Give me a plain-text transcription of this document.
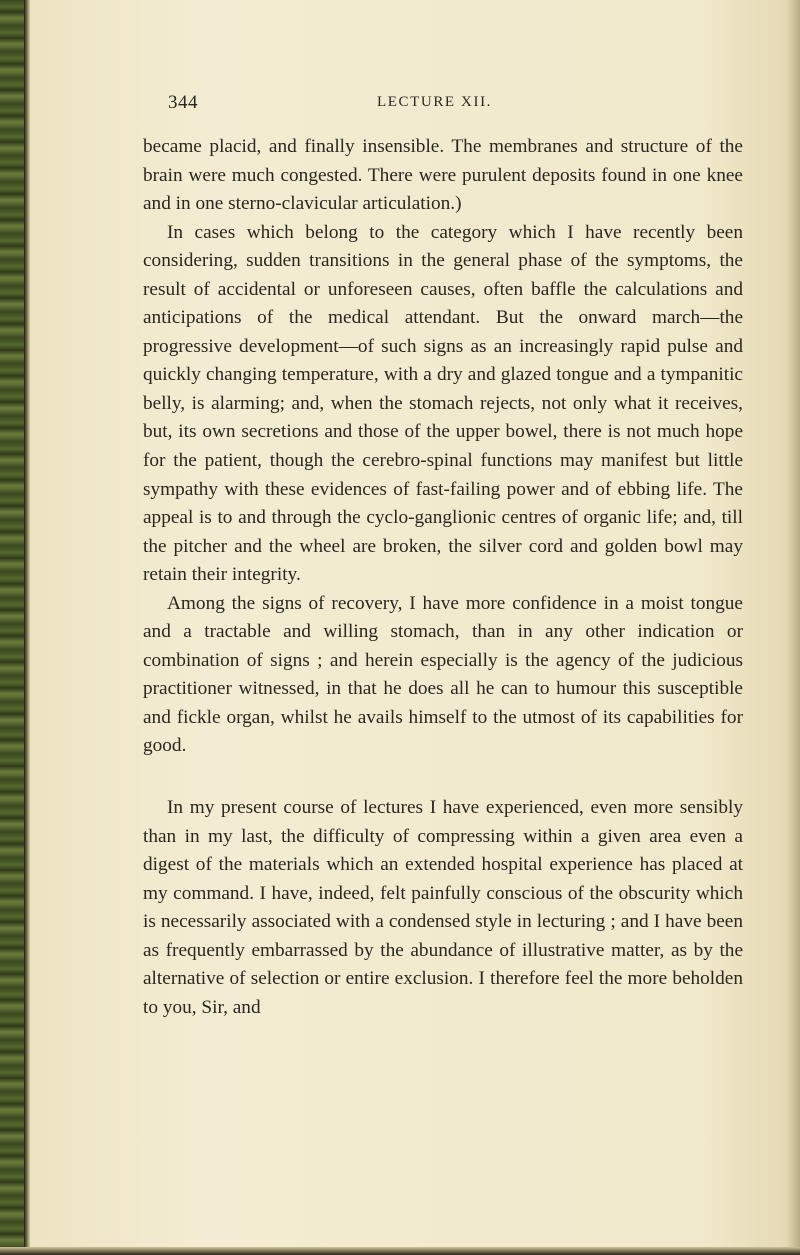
344	LECTURE XII.

became placid, and finally insensible. The membranes and structure of the brain were much congested. There were purulent deposits found in one knee and in one sterno-clavicular articulation.)

In cases which belong to the category which I have recently been considering, sudden transitions in the general phase of the symptoms, the result of accidental or unforeseen causes, often baffle the calculations and anticipations of the medical attendant. But the onward march—the progressive development—of such signs as an increasingly rapid pulse and quickly changing temperature, with a dry and glazed tongue and a tympanitic belly, is alarming; and, when the stomach rejects, not only what it receives, but, its own secretions and those of the upper bowel, there is not much hope for the patient, though the cerebro-spinal functions may manifest but little sympathy with these evidences of fast-failing power and of ebbing life. The appeal is to and through the cyclo-ganglionic centres of organic life; and, till the pitcher and the wheel are broken, the silver cord and golden bowl may retain their integrity.

Among the signs of recovery, I have more confidence in a moist tongue and a tractable and willing stomach, than in any other indication or combination of signs ; and herein especially is the agency of the judicious practitioner witnessed, in that he does all he can to humour this susceptible and fickle organ, whilst he avails himself to the utmost of its capabilities for good.

In my present course of lectures I have experienced, even more sensibly than in my last, the difficulty of compressing within a given area even a digest of the materials which an extended hospital experience has placed at my command. I have, indeed, felt painfully conscious of the obscurity which is necessarily associated with a condensed style in lecturing ; and I have been as frequently embarrassed by the abundance of illustrative matter, as by the alternative of selection or entire exclusion. I therefore feel the more beholden to you, Sir, and
